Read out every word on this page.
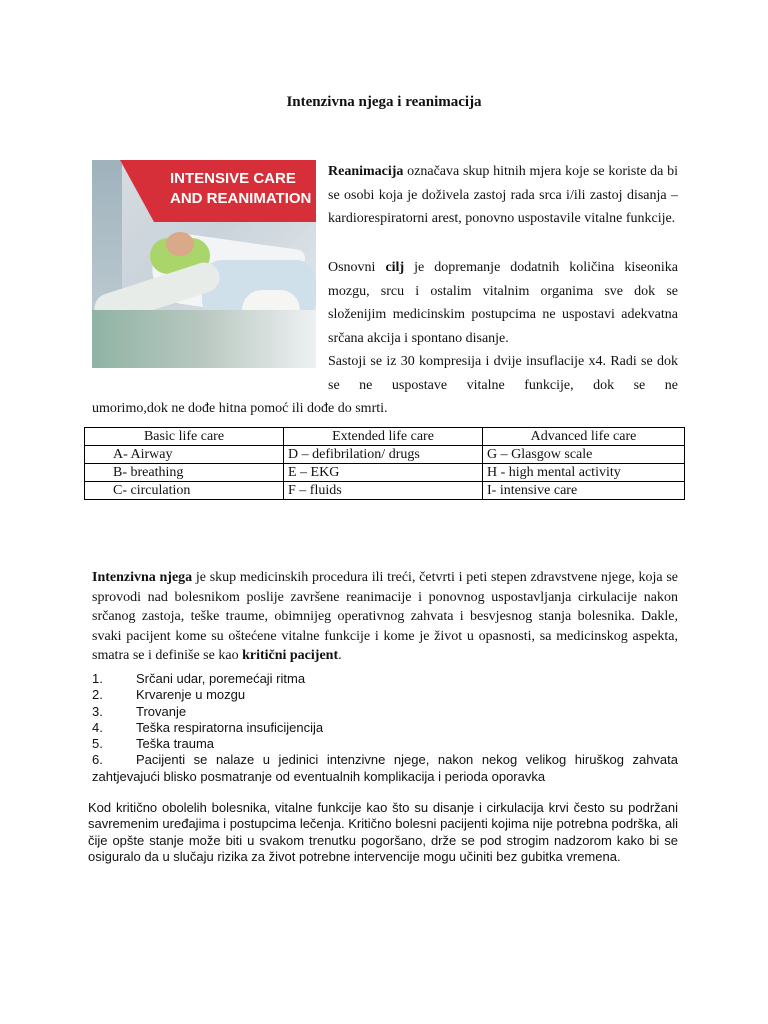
Intenzivna njega i reanimacija
INTENSIVE CARE
AND REANIMATION
Reanimacija označava skup hitnih mjera koje se koriste da bi se osobi koja je doživela zastoj rada srca i/ili zastoj disanja – kardiorespiratorni arest, ponovno uspostavile vitalne funkcije.
Osnovni cilj je dopremanje dodatnih količina kiseonika mozgu, srcu i ostalim vitalnim organima sve dok se složenijim medicinskim postupcima ne uspostavi adekvatna srčana akcija i spontano disanje.
Sastoji se iz 30 kompresija i dvije insuflacije x4. Radi se dok se ne uspostave vitalne funkcije, dok se ne
umorimo,dok ne dođe hitna pomoć ili dođe do smrti.
Basic life care	Extended life care	Advanced life care
A- Airway	D – defibrilation/ drugs	G – Glasgow scale
B- breathing	E – EKG	H - high mental activity
C- circulation	F – fluids	I- intensive care
Intenzivna njega je skup medicinskih procedura ili treći, četvrti i peti stepen zdravstvene njege, koja se sprovodi nad bolesnikom poslije završene reanimacije i ponovnog uspostavljanja cirkulacije nakon srčanog zastoja, teške traume, obimnijeg operativnog zahvata i besvjesnog stanja bolesnika. Dakle, svaki pacijent kome su oštećene vitalne funkcije i kome je život u opasnosti, sa medicinskog aspekta, smatra se i definiše se kao kritični pacijent.
1.	Srčani udar, poremećaji ritma
2.	Krvarenje u mozgu
3.	Trovanje
4.	Teška respiratorna insuficijencija
5.	Teška trauma
6.	Pacijenti se nalaze u jedinici intenzivne njege, nakon nekog velikog hiruškog zahvata zahtjevajući blisko posmatranje od eventualnih komplikacija i perioda oporavka
Kod kritično obolelih bolesnika, vitalne funkcije kao što su disanje i cirkulacija krvi često su podržani savremenim uređajima i postupcima lečenja. Kritično bolesni pacijenti kojima nije potrebna podrška, ali čije opšte stanje može biti u svakom trenutku pogoršano, drže se pod strogim nadzorom kako bi se osiguralo da u slučaju rizika za život potrebne intervencije mogu učiniti bez gubitka vremena.
